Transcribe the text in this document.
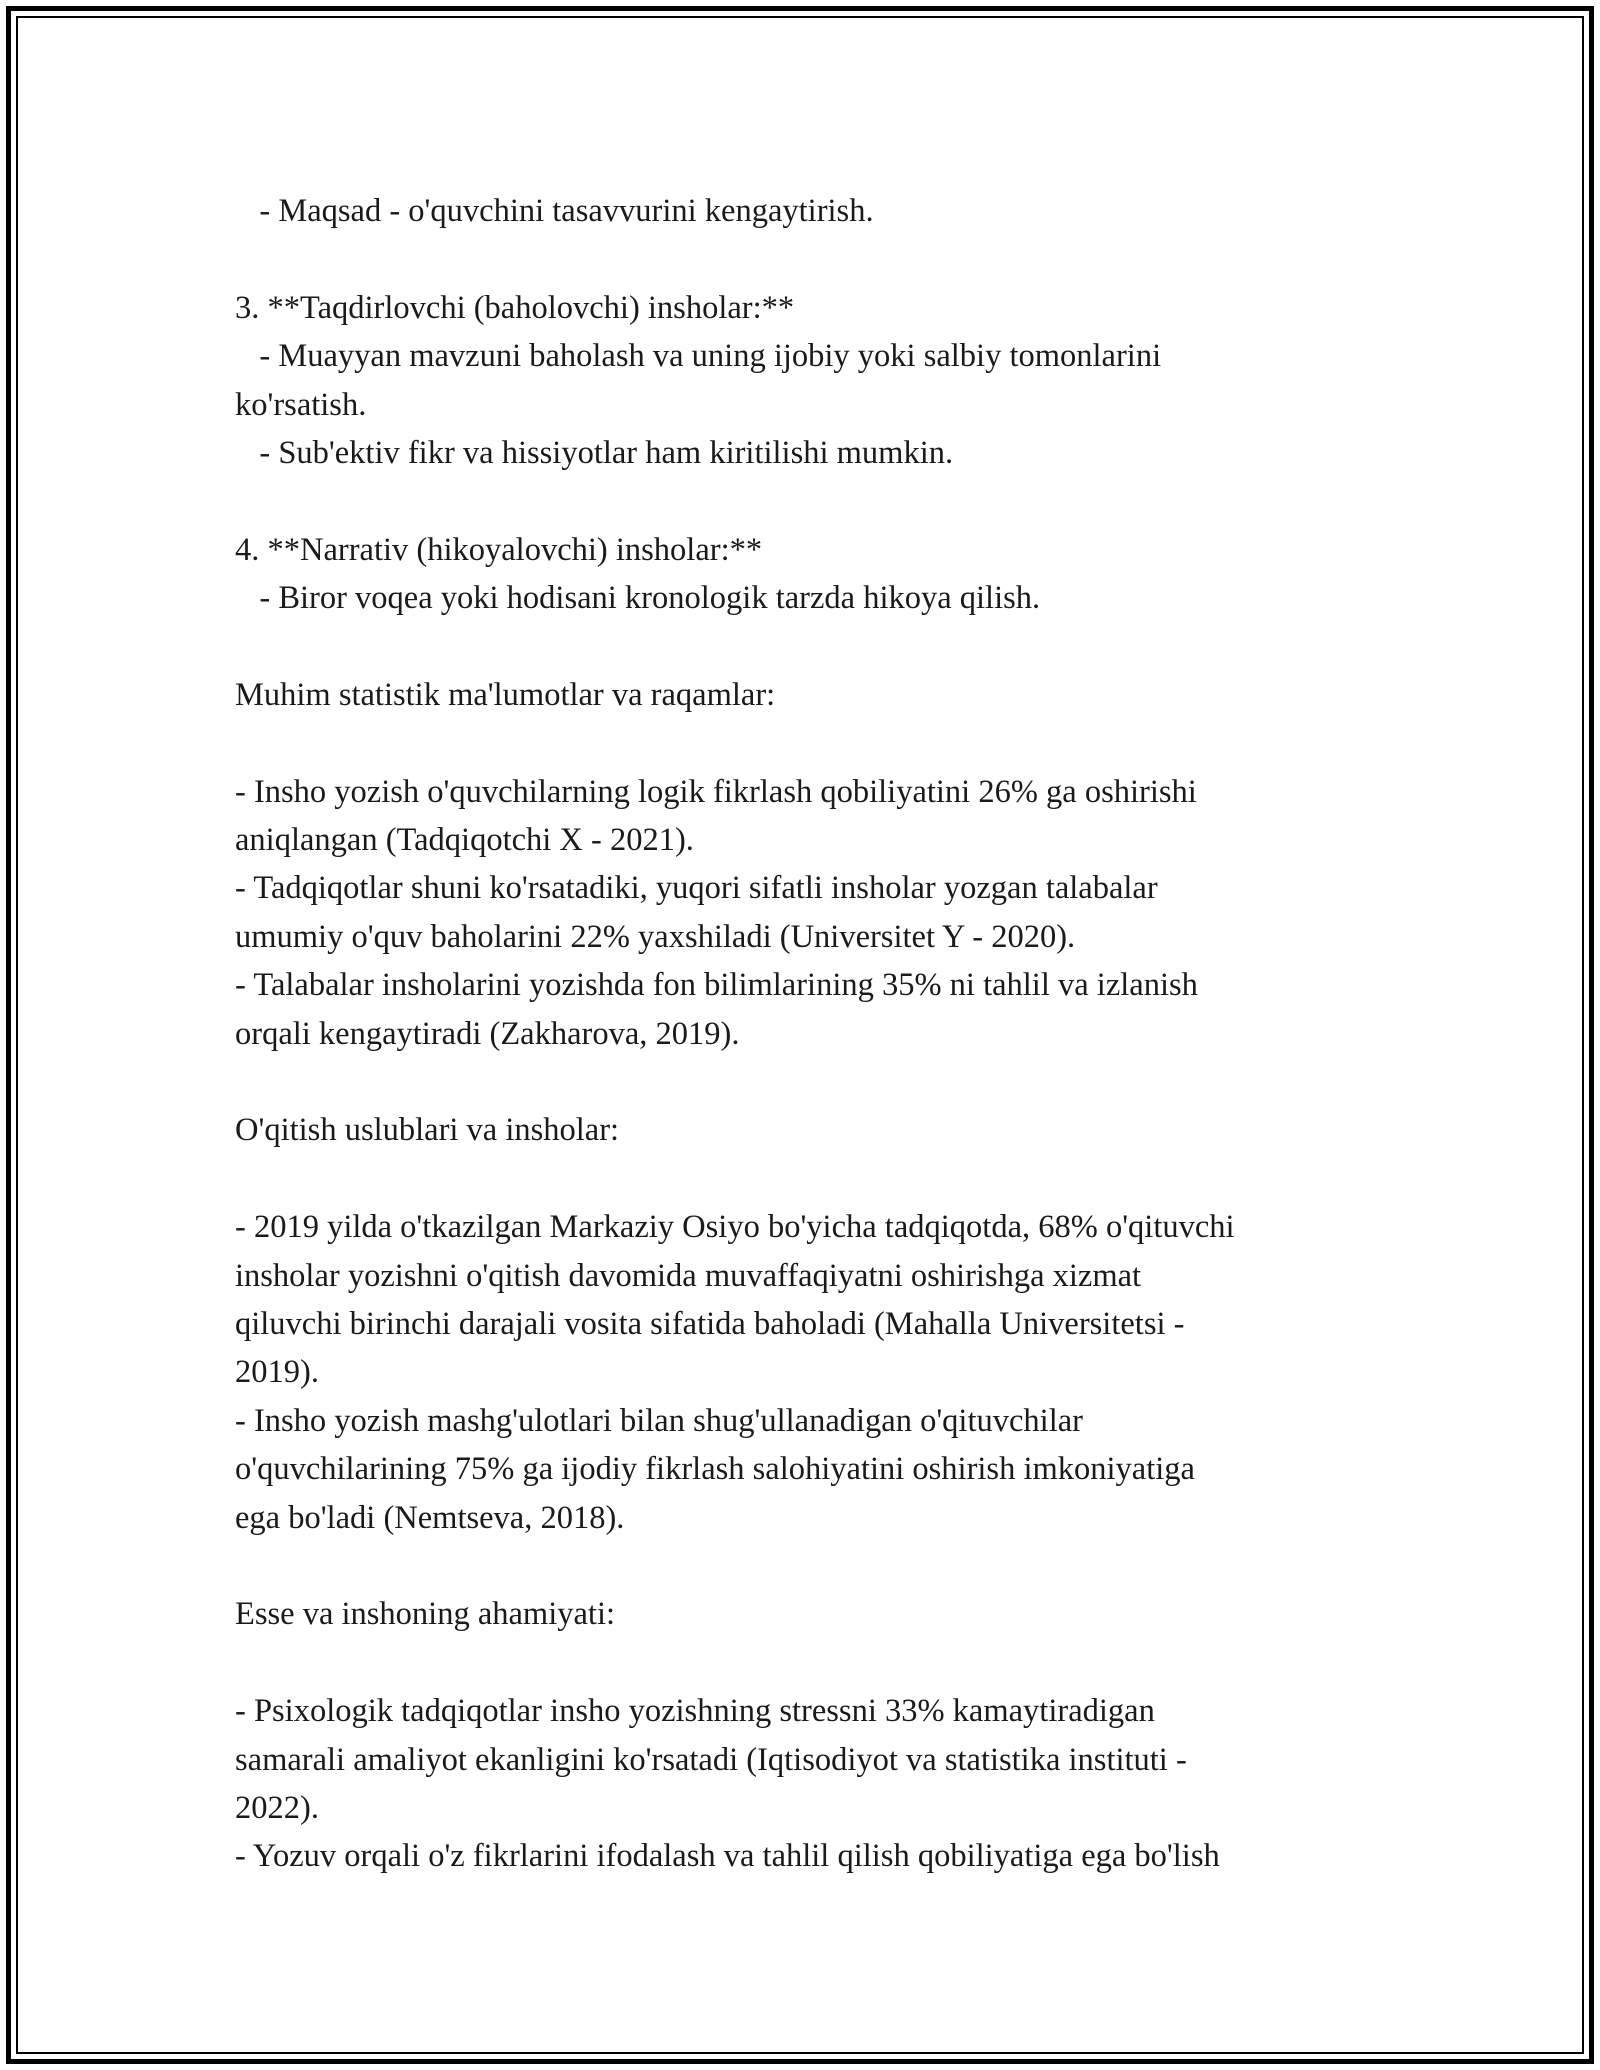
- Maqsad - o'quvchini tasavvurini kengaytirish.
3. **Taqdirlovchi (baholovchi) insholar:**
- Muayyan mavzuni baholash va uning ijobiy yoki salbiy tomonlarini
ko'rsatish.
- Sub'ektiv fikr va hissiyotlar ham kiritilishi mumkin.
4. **Narrativ (hikoyalovchi) insholar:**
- Biror voqea yoki hodisani kronologik tarzda hikoya qilish.
Muhim statistik ma'lumotlar va raqamlar:
- Insho yozish o'quvchilarning logik fikrlash qobiliyatini 26% ga oshirishi
aniqlangan (Tadqiqotchi X - 2021).
- Tadqiqotlar shuni ko'rsatadiki, yuqori sifatli insholar yozgan talabalar
umumiy o'quv baholarini 22% yaxshiladi (Universitet Y - 2020).
- Talabalar insholarini yozishda fon bilimlarining 35% ni tahlil va izlanish
orqali kengaytiradi (Zakharova, 2019).
O'qitish uslublari va insholar:
- 2019 yilda o'tkazilgan Markaziy Osiyo bo'yicha tadqiqotda, 68% o'qituvchi
insholar yozishni o'qitish davomida muvaffaqiyatni oshirishga xizmat
qiluvchi birinchi darajali vosita sifatida baholadi (Mahalla Universitetsi -
2019).
- Insho yozish mashg'ulotlari bilan shug'ullanadigan o'qituvchilar
o'quvchilarining 75% ga ijodiy fikrlash salohiyatini oshirish imkoniyatiga
ega bo'ladi (Nemtseva, 2018).
Esse va inshoning ahamiyati:
- Psixologik tadqiqotlar insho yozishning stressni 33% kamaytiradigan
samarali amaliyot ekanligini ko'rsatadi (Iqtisodiyot va statistika instituti -
2022).
- Yozuv orqali o'z fikrlarini ifodalash va tahlil qilish qobiliyatiga ega bo'lish
